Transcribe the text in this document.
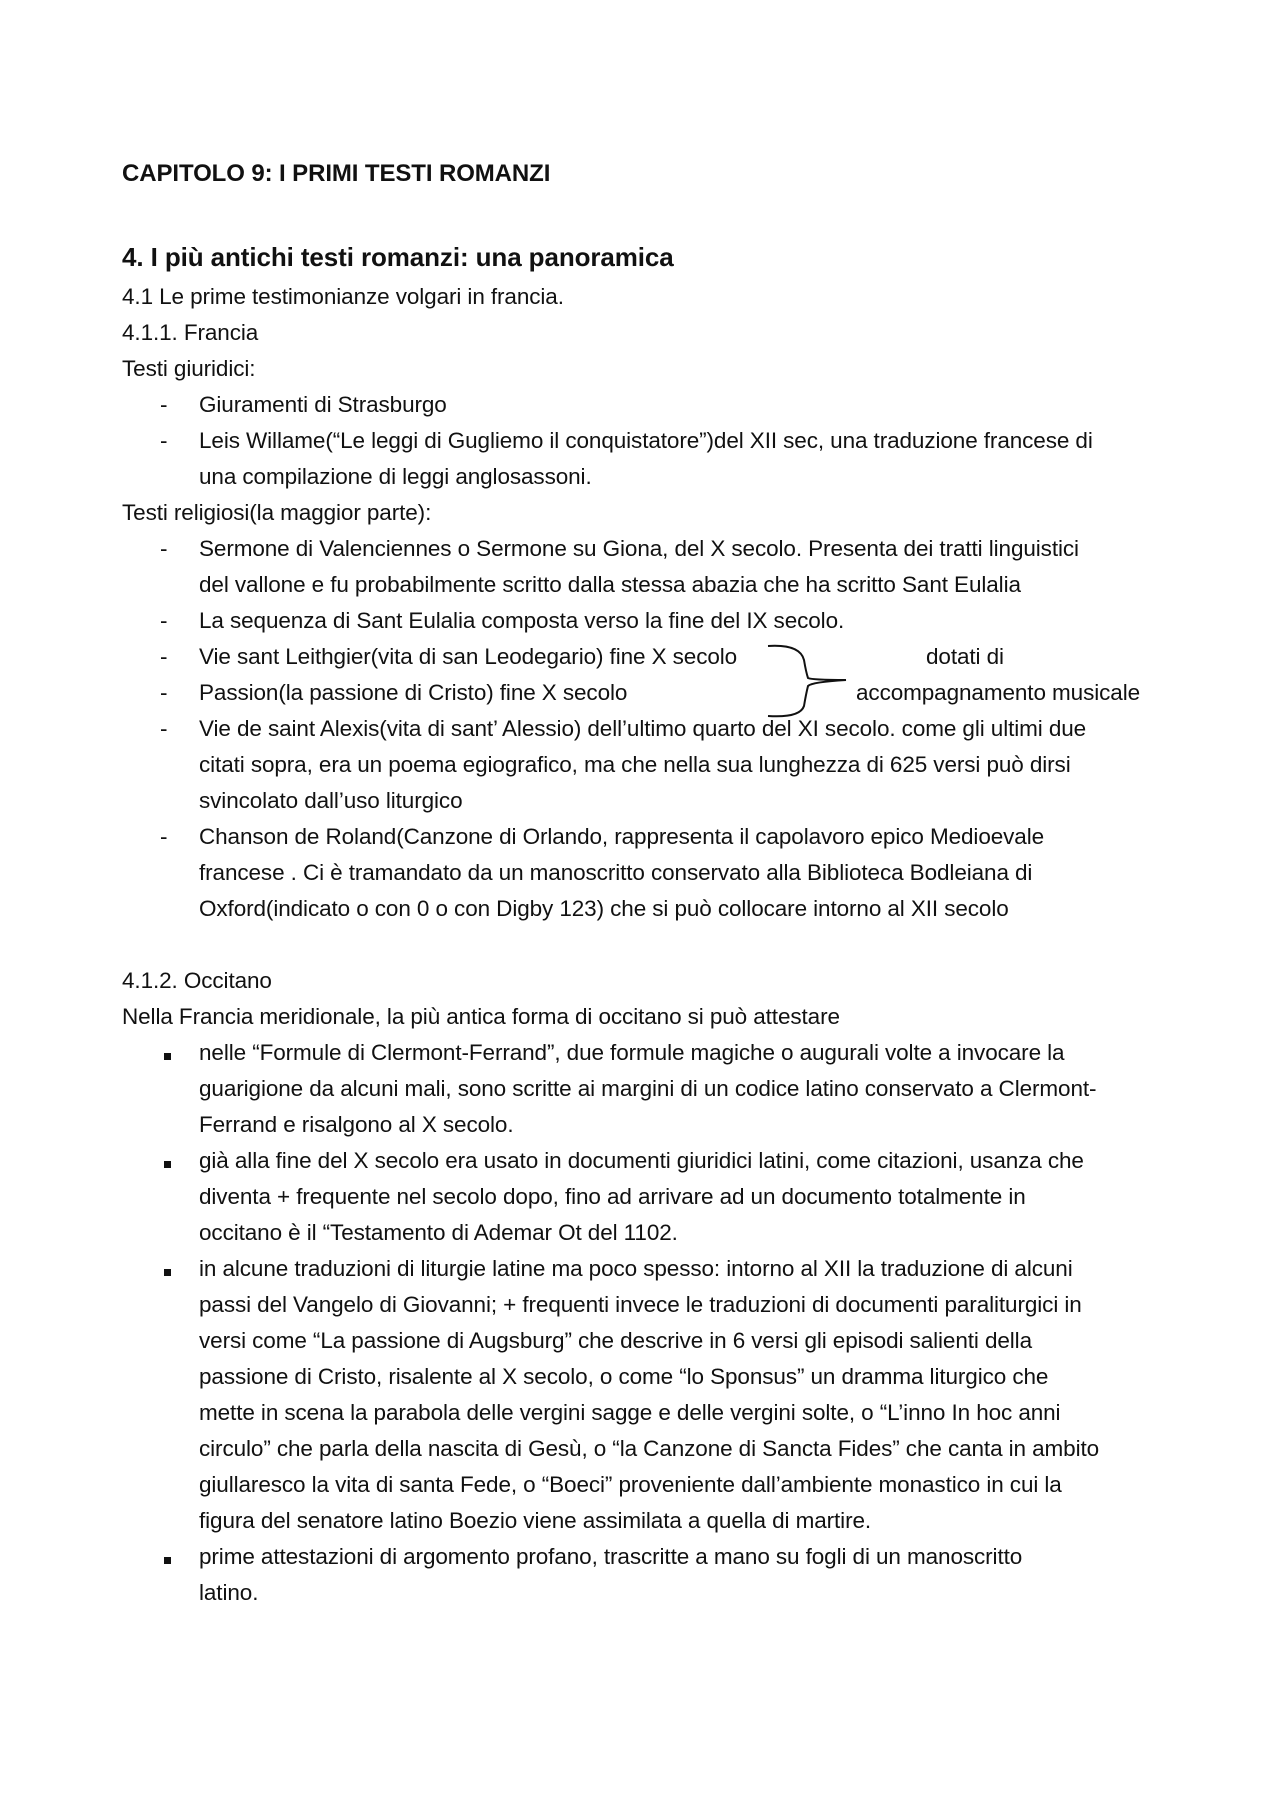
CAPITOLO 9: I PRIMI TESTI ROMANZI
4. I più antichi testi romanzi: una panoramica
4.1 Le prime testimonianze volgari in francia.
4.1.1. Francia
Testi giuridici:
-	Giuramenti di Strasburgo
-	Leis Willame(“Le leggi di Gugliemo il conquistatore”)del XII sec, una traduzione francese di
una compilazione di leggi anglosassoni.
Testi religiosi(la maggior parte):
-	Sermone di Valenciennes o Sermone su Giona, del X secolo. Presenta dei tratti linguistici
del vallone e fu probabilmente scritto dalla stessa abazia che ha scritto Sant Eulalia
-	La sequenza di Sant Eulalia composta verso la fine del IX secolo.
-	Vie sant Leithgier(vita di san Leodegario) fine X secolo
-	Passion(la passione di Cristo) fine X secolo
dotati di
accompagnamento musicale
-	Vie de saint Alexis(vita di sant’ Alessio) dell’ultimo quarto del XI secolo. come gli ultimi due
citati sopra, era un poema egiografico, ma che nella sua lunghezza di 625 versi può dirsi
svincolato dall’uso liturgico
-	Chanson de Roland(Canzone di Orlando, rappresenta il capolavoro epico Medioevale
francese . Ci è tramandato da un manoscritto conservato alla Biblioteca Bodleiana di
Oxford(indicato o con 0 o con Digby 123) che si può collocare intorno al XII secolo
4.1.2. Occitano
Nella Francia meridionale, la più antica forma di occitano si può attestare
nelle “Formule di Clermont-Ferrand”, due formule magiche o augurali volte a invocare la
guarigione da alcuni mali, sono scritte ai margini di un codice latino conservato a Clermont-
Ferrand e risalgono al X secolo.
già alla fine del X secolo era usato in documenti giuridici latini, come citazioni, usanza che
diventa + frequente nel secolo dopo, fino ad arrivare ad un documento totalmente in
occitano è il “Testamento di Ademar Ot del 1102.
in alcune traduzioni di liturgie latine ma poco spesso: intorno al XII la traduzione di alcuni
passi del Vangelo di Giovanni; + frequenti invece le traduzioni di documenti paraliturgici in
versi come “La passione di Augsburg” che descrive in 6 versi gli episodi salienti della
passione di Cristo, risalente al X secolo, o come “lo Sponsus” un dramma liturgico che
mette in scena la parabola delle vergini sagge e delle vergini solte, o “L’inno In hoc anni
circulo” che parla della nascita di Gesù, o “la Canzone di Sancta Fides” che canta in ambito
giullaresco la vita di santa Fede, o “Boeci” proveniente dall’ambiente monastico in cui la
figura del senatore latino Boezio viene assimilata a quella di martire.
prime attestazioni di argomento profano, trascritte a mano su fogli di un manoscritto
latino.
